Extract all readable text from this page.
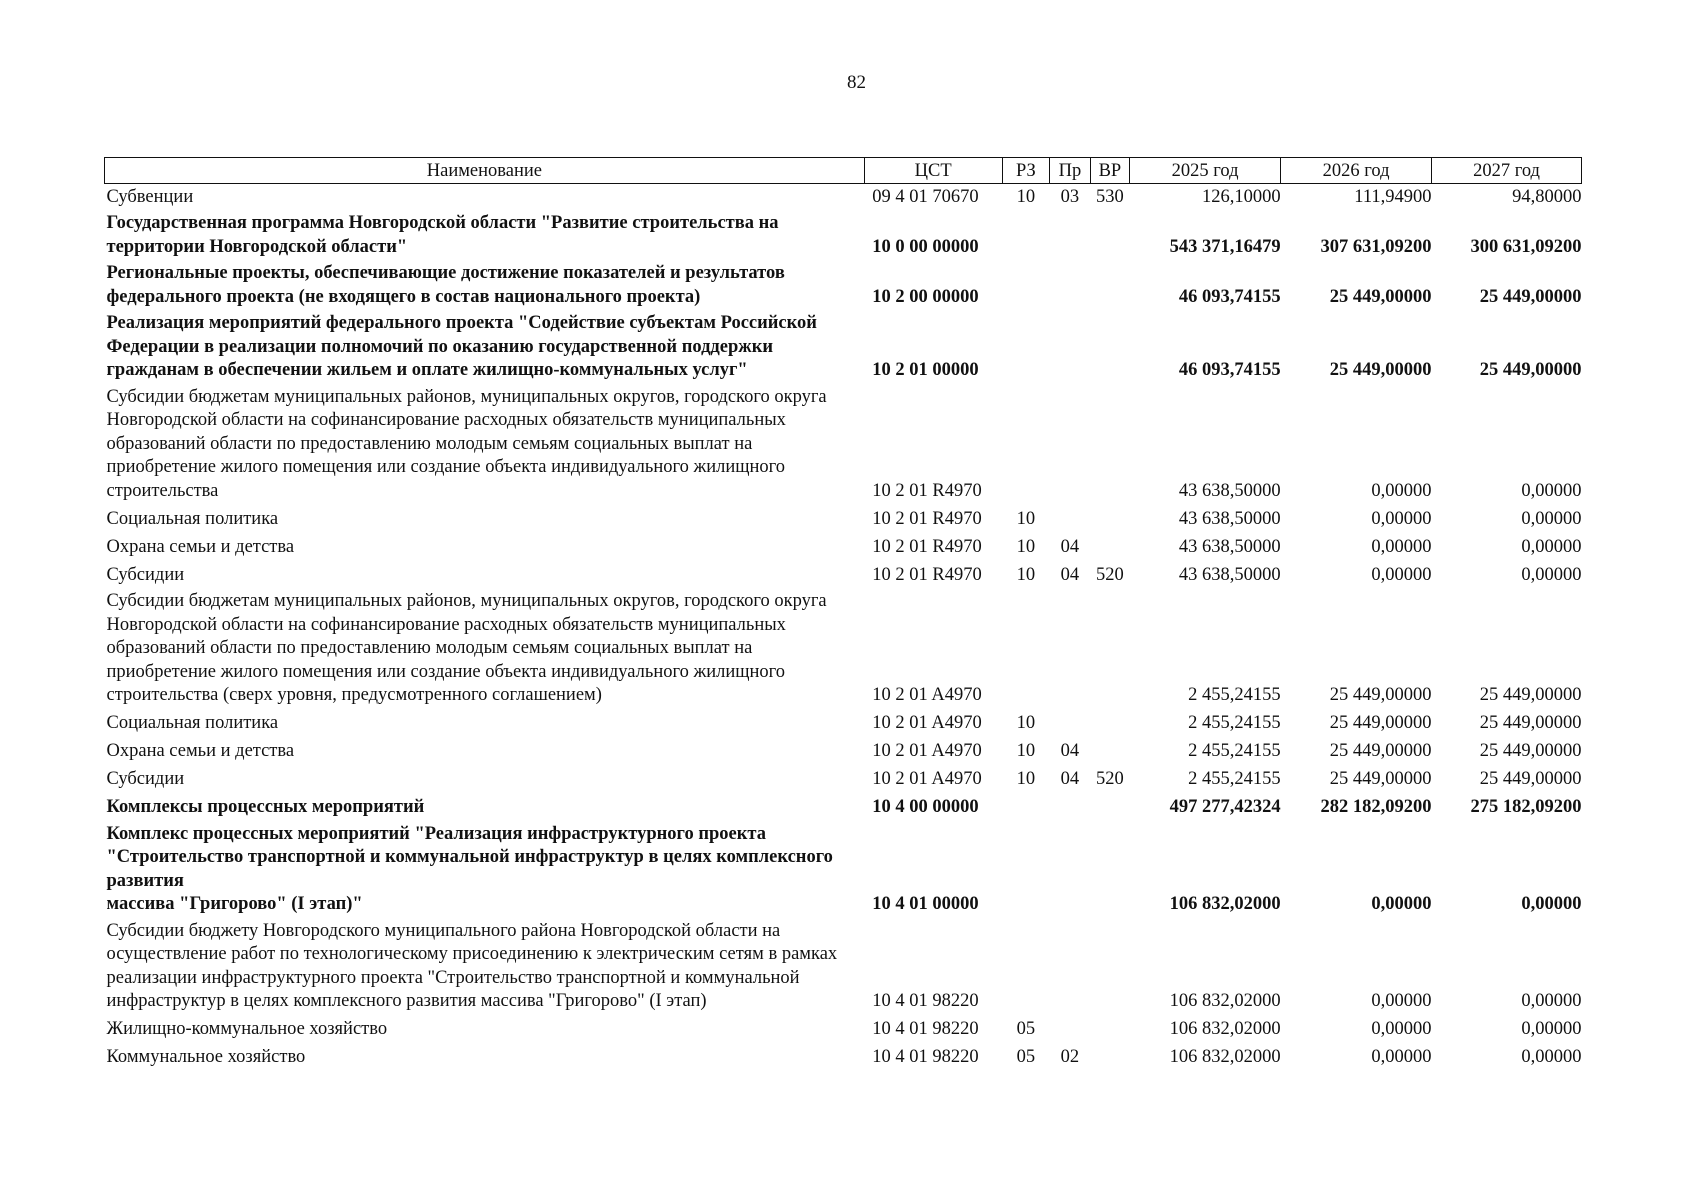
82
Наименование	ЦСТ	РЗ	Пр	ВР	2025 год	2026 год	2027 год
Субвенции	09 4 01 70670	10	03	530	126,10000	111,94900	94,80000
Государственная программа Новгородской области "Развитие строительства на территории Новгородской области"	10 0 00 00000				543 371,16479	307 631,09200	300 631,09200
Региональные проекты, обеспечивающие достижение показателей и результатов федерального проекта (не входящего в состав национального проекта)	10 2 00 00000				46 093,74155	25 449,00000	25 449,00000
Реализация мероприятий федерального проекта "Содействие субъектам Российской Федерации в реализации полномочий по оказанию государственной поддержки гражданам в обеспечении жильем и оплате жилищно-коммунальных услуг"	10 2 01 00000				46 093,74155	25 449,00000	25 449,00000
Субсидии бюджетам муниципальных районов, муниципальных округов, городского округа Новгородской области на софинансирование расходных обязательств муниципальных образований области по предоставлению молодым семьям социальных выплат на приобретение жилого помещения или создание объекта индивидуального жилищного строительства	10 2 01 R4970				43 638,50000	0,00000	0,00000
Социальная политика	10 2 01 R4970	10			43 638,50000	0,00000	0,00000
Охрана семьи и детства	10 2 01 R4970	10	04		43 638,50000	0,00000	0,00000
Субсидии	10 2 01 R4970	10	04	520	43 638,50000	0,00000	0,00000
Субсидии бюджетам муниципальных районов, муниципальных округов, городского округа Новгородской области на софинансирование расходных обязательств муниципальных образований области по предоставлению молодым семьям социальных выплат на приобретение жилого помещения или создание объекта индивидуального жилищного строительства (сверх уровня, предусмотренного соглашением)	10 2 01 A4970				2 455,24155	25 449,00000	25 449,00000
Социальная политика	10 2 01 A4970	10			2 455,24155	25 449,00000	25 449,00000
Охрана семьи и детства	10 2 01 A4970	10	04		2 455,24155	25 449,00000	25 449,00000
Субсидии	10 2 01 A4970	10	04	520	2 455,24155	25 449,00000	25 449,00000
Комплексы процессных мероприятий	10 4 00 00000				497 277,42324	282 182,09200	275 182,09200
Комплекс процессных мероприятий "Реализация инфраструктурного проекта "Строительство транспортной и коммунальной инфраструктур в целях комплексного развития
массива "Григорово" (I этап)"	10 4 01 00000				106 832,02000	0,00000	0,00000
Субсидии бюджету Новгородского муниципального района Новгородской области на осуществление работ по технологическому присоединению к электрическим сетям в рамках реализации инфраструктурного проекта "Строительство транспортной и коммунальной инфраструктур в целях комплексного развития массива "Григорово" (I этап)	10 4 01 98220				106 832,02000	0,00000	0,00000
Жилищно-коммунальное хозяйство	10 4 01 98220	05			106 832,02000	0,00000	0,00000
Коммунальное хозяйство	10 4 01 98220	05	02		106 832,02000	0,00000	0,00000
